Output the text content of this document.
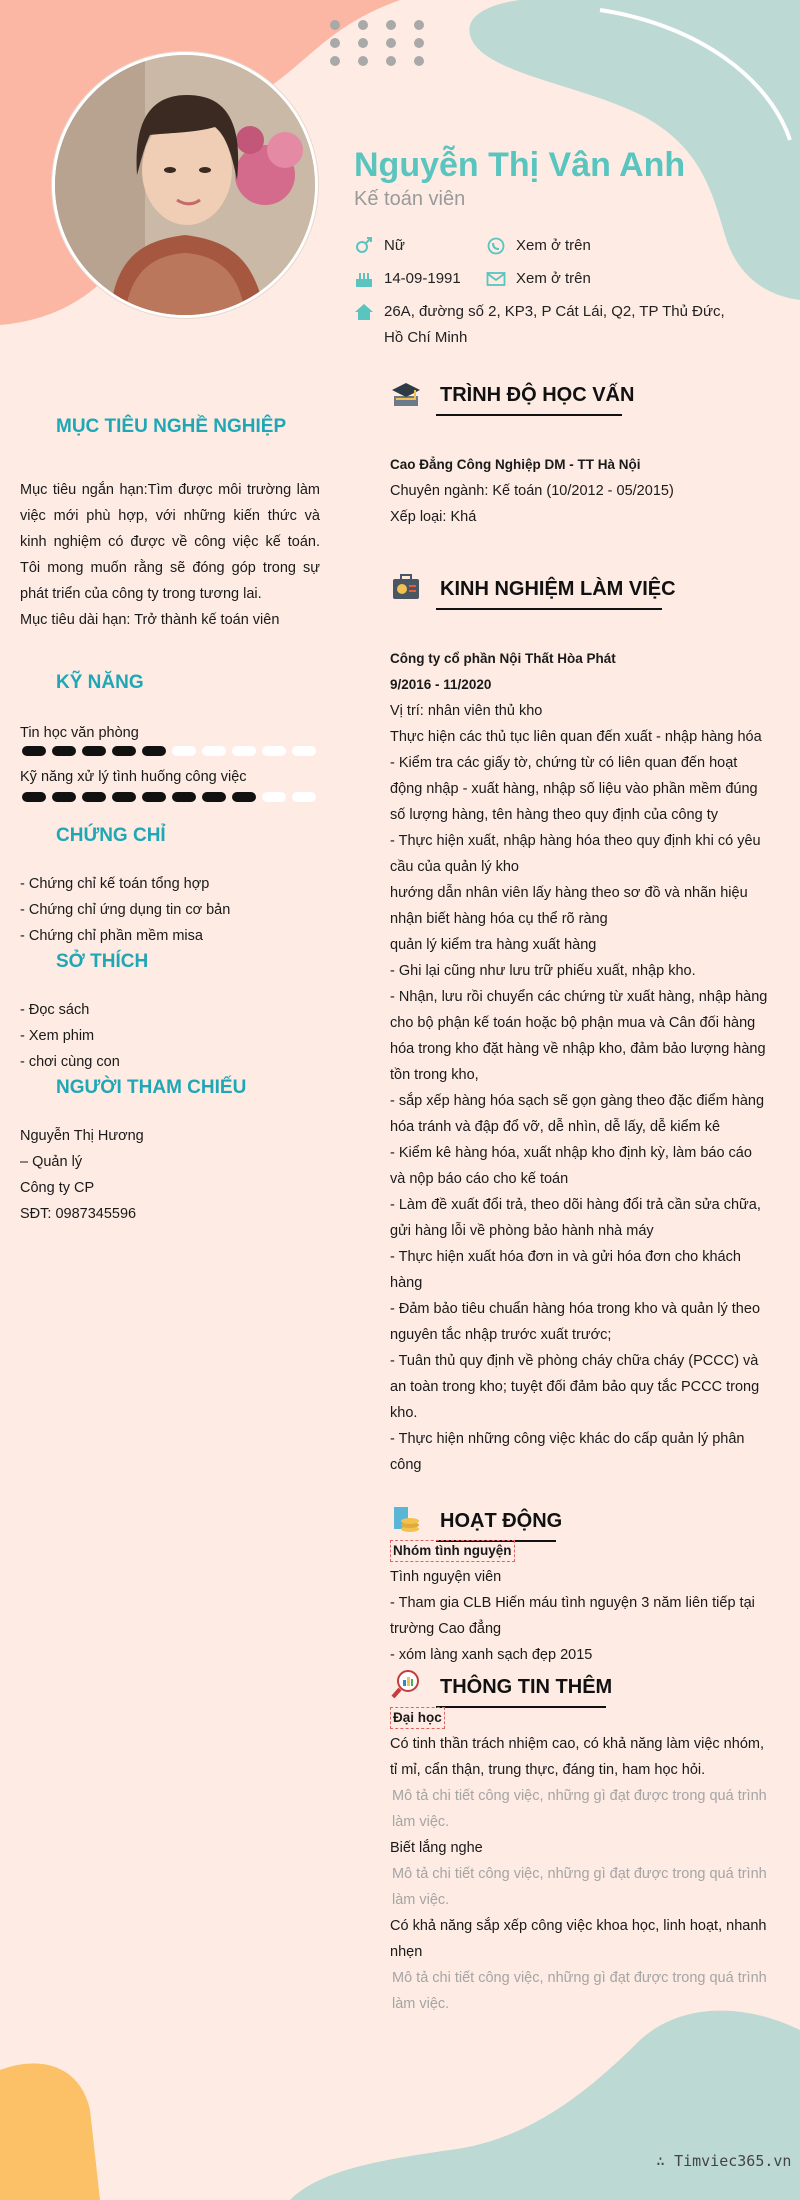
Nguyễn Thị Vân Anh
Kế toán viên
Nữ	Xem ở trên
14-09-1991	Xem ở trên
26A, đường số 2, KP3, P Cát Lái, Q2, TP Thủ Đức,
Hồ Chí Minh
MỤC TIÊU NGHỀ NGHIỆP

Mục tiêu ngắn hạn:Tìm được môi trường làm việc mới phù hợp, với những kiến thức và kinh nghiệm có được về công việc kế toán. Tôi mong muốn rằng sẽ đóng góp trong sự phát triển của công ty trong tương lai.

Mục tiêu dài hạn: Trở thành kế toán viên

KỸ NĂNG
Tin học văn phòng
Kỹ năng xử lý tình huống công việc
CHỨNG CHỈ

- Chứng chỉ kế toán tổng hợp

- Chứng chỉ ứng dụng tin cơ bản

- Chứng chỉ phần mềm misa

SỞ THÍCH

- Đọc sách

- Xem phim

- chơi cùng con

NGƯỜI THAM CHIẾU

Nguyễn Thị Hương

– Quản lý

Công ty CP

SĐT: 0987345596

TRÌNH ĐỘ HỌC VẤN

Cao Đẳng Công Nghiệp DM - TT Hà Nội

Chuyên ngành: Kế toán (10/2012 - 05/2015)

Xếp loại: Khá

KINH NGHIỆM LÀM VIỆC

Công ty cổ phần Nội Thất Hòa Phát

9/2016 - 11/2020

Vị trí: nhân viên thủ kho

Thực hiện các thủ tục liên quan đến xuất - nhập hàng hóa

- Kiểm tra các giấy tờ, chứng từ có liên quan đến hoạt động nhập - xuất hàng, nhập số liệu vào phần mềm đúng số lượng hàng, tên hàng theo quy định của công ty

- Thực hiện xuất, nhập hàng hóa theo quy định khi có yêu cầu của quản lý kho

hướng dẫn nhân viên lấy hàng theo sơ đồ và nhãn hiệu nhận biết hàng hóa cụ thể rõ ràng

quản lý kiểm tra hàng xuất hàng

- Ghi lại cũng như lưu trữ phiếu xuất, nhập kho.

- Nhận, lưu rồi chuyển các chứng từ xuất hàng, nhập hàng cho bộ phận kế toán hoặc bộ phận mua và Cân đối hàng hóa trong kho đặt hàng về nhập kho, đảm bảo lượng hàng tồn trong kho,

- sắp xếp hàng hóa sạch sẽ gọn gàng theo đặc điểm hàng hóa tránh và đập đổ vỡ, dễ nhìn, dễ lấy, dễ kiểm kê

- Kiểm kê hàng hóa, xuất nhập kho định kỳ, làm báo cáo và nộp báo cáo cho kế toán

- Làm đề xuất đổi trả, theo dõi hàng đổi trả cần sửa chữa, gửi hàng lỗi về phòng bảo hành nhà máy

- Thực hiện xuất hóa đơn in và gửi hóa đơn cho khách hàng

- Đảm bảo tiêu chuẩn hàng hóa trong kho và quản lý theo nguyên tắc nhập trước xuất trước;

- Tuân thủ quy định về phòng cháy chữa cháy (PCCC) và an toàn trong kho; tuyệt đối đảm bảo quy tắc PCCC trong kho.

- Thực hiện những công việc khác do cấp quản lý phân công

HOẠT ĐỘNG

Nhóm tình nguyện

Tình nguyện viên

- Tham gia CLB Hiến máu tình nguyện 3 năm liên tiếp tại trường Cao đẳng

- xóm làng xanh sạch đẹp 2015

THÔNG TIN THÊM

Đại học

Có tinh thần trách nhiệm cao, có khả năng làm việc nhóm, tỉ mỉ, cẩn thận, trung thực, đáng tin, ham học hỏi.

Mô tả chi tiết công việc, những gì đạt được trong quá trình làm việc.

Biết lắng nghe

Mô tả chi tiết công việc, những gì đạt được trong quá trình làm việc.

Có khả năng sắp xếp công việc khoa học, linh hoạt, nhanh nhẹn

Mô tả chi tiết công việc, những gì đạt được trong quá trình làm việc.

∴ Timviec365.vn
